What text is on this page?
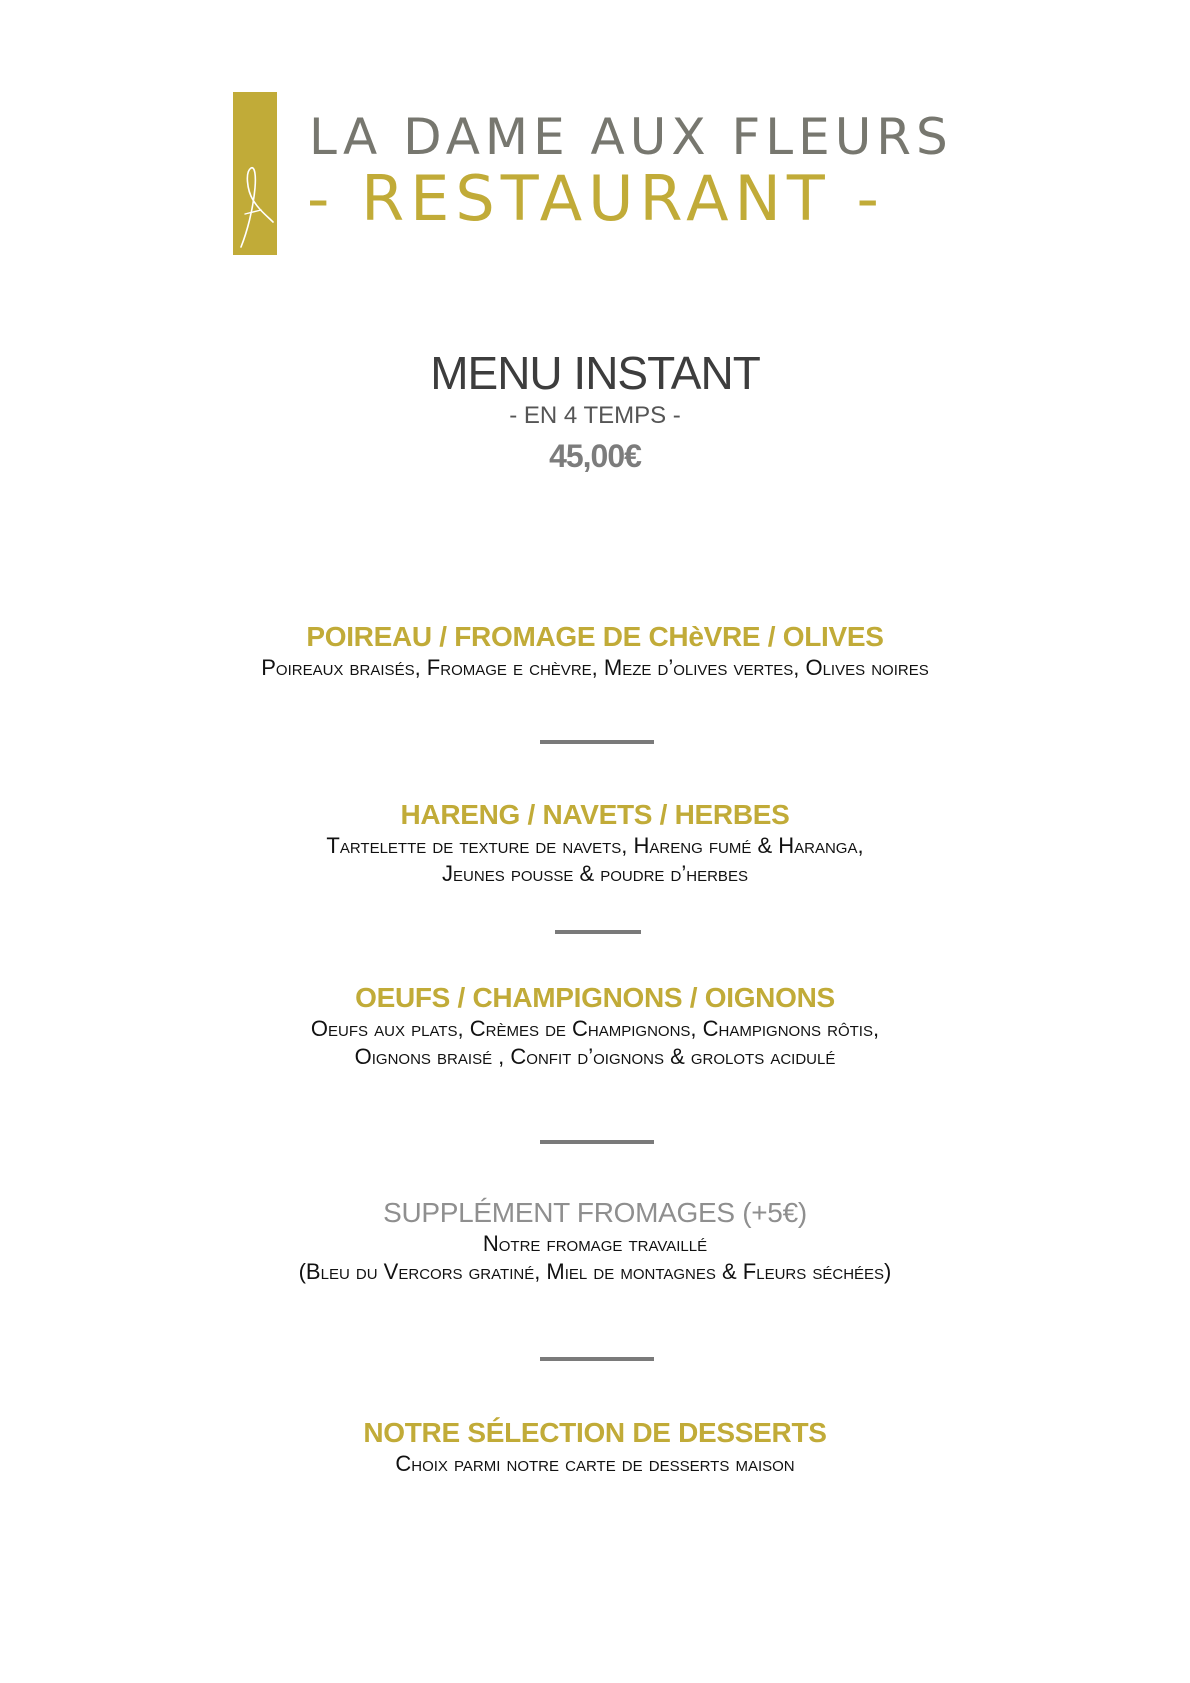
LA DAME AUX FLEURS
- RESTAURANT -
MENU INSTANT
- EN 4 TEMPS -
45,00€
POIREAU / FROMAGE DE CHèVRE / OLIVES
Poireaux braisés, Fromage e chèvre, Meze d’olives vertes, Olives noires
HARENG / NAVETS / HERBES
Tartelette de texture de navets, Hareng fumé & Haranga,
Jeunes pousse & poudre d’herbes
OEUFS / CHAMPIGNONS / OIGNONS
Oeufs aux plats, Crèmes de Champignons, Champignons rôtis,
Oignons braisé , Confit d’oignons & grolots acidulé
SUPPLÉMENT FROMAGES (+5€)
Notre fromage travaillé
(Bleu du Vercors gratiné, Miel de montagnes & Fleurs séchées)
NOTRE SÉLECTION DE DESSERTS
Choix parmi notre carte de desserts maison
